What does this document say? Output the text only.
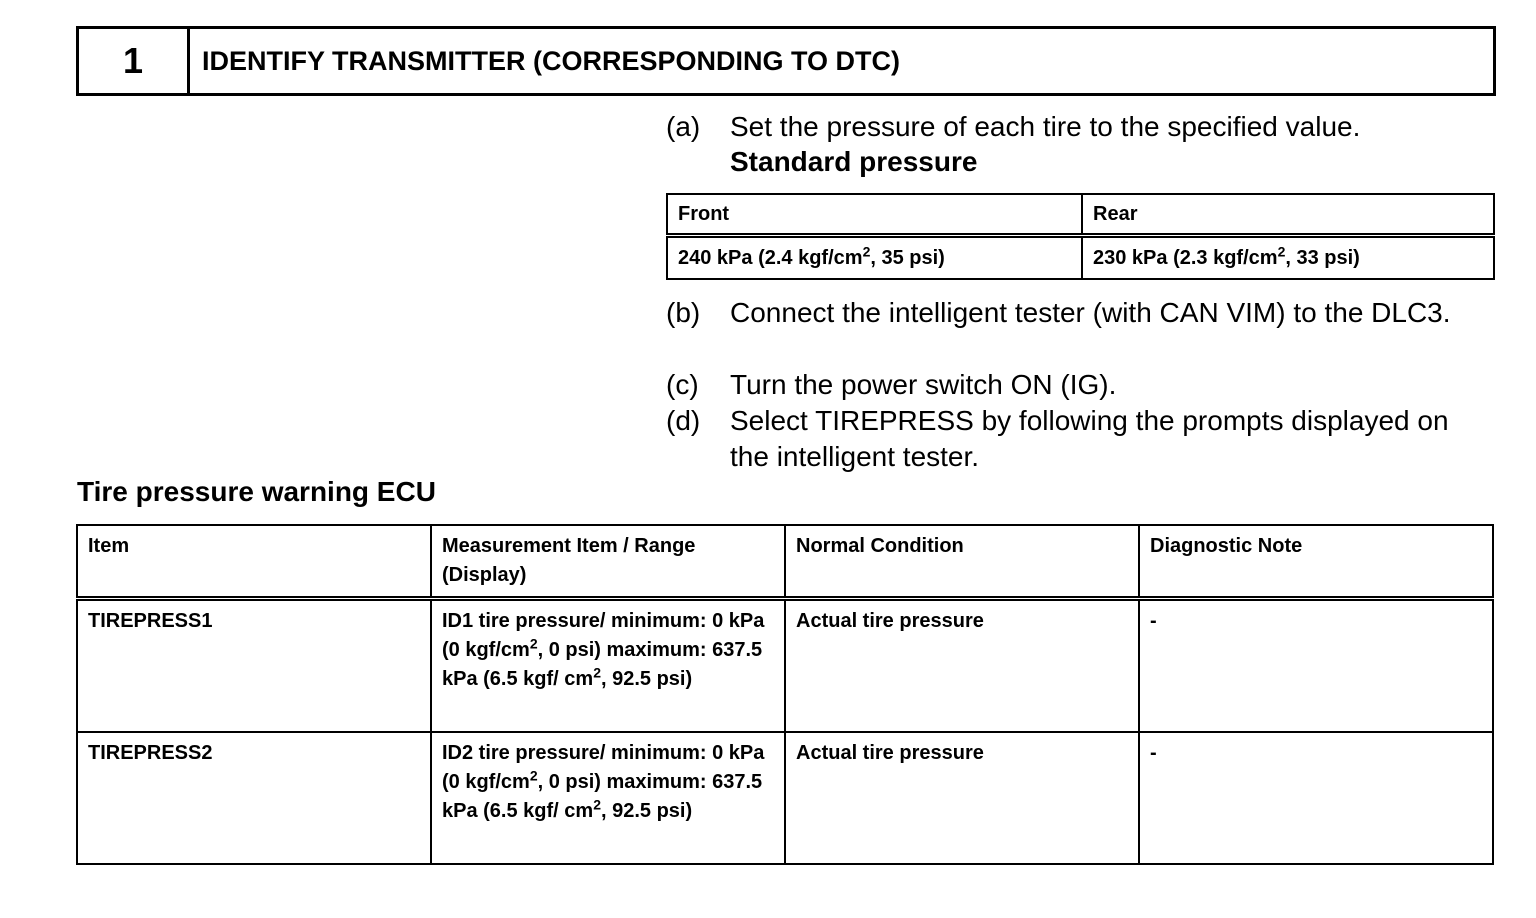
1	IDENTIFY TRANSMITTER (CORRESPONDING TO DTC)
(a) Set the pressure of each tire to the specified value.
Standard pressure
Front	Rear
240 kPa (2.4 kgf/$cm^2$, 35 psi)	230 kPa (2.3 kgf/$cm^2$, 33 psi)
(b) Connect the intelligent tester (with CAN VIM) to the DLC3.
(c) Turn the power switch ON (IG).
(d) Select TIREPRESS by following the prompts displayed on the intelligent tester.
Tire pressure warning ECU
Item	Measurement Item / Range (Display)	Normal Condition	Diagnostic Note
TIREPRESS1	ID1 tire pressure/ minimum: 0 kPa (0 kgf/$cm^2$, 0 psi) maximum: 637.5 kPa (6.5 kgf/ $cm^2$, 92.5 psi)	Actual tire pressure	-
TIREPRESS2	ID2 tire pressure/ minimum: 0 kPa (0 kgf/$cm^2$, 0 psi) maximum: 637.5 kPa (6.5 kgf/ $cm^2$, 92.5 psi)	Actual tire pressure	-
